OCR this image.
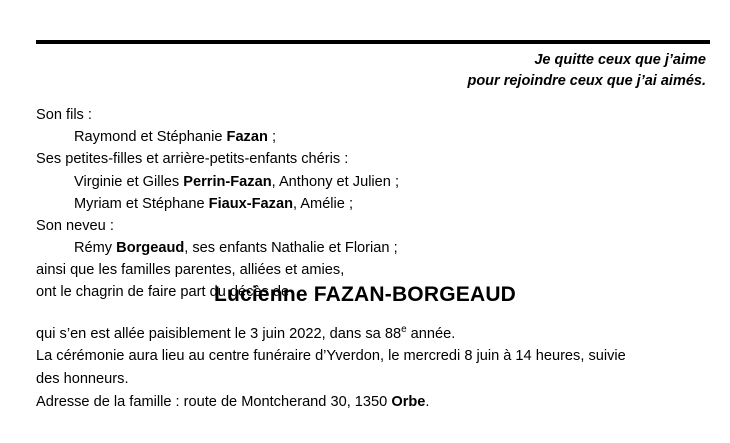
Je quitte ceux que j’aime
pour rejoindre ceux que j’ai aimés.
Son fils :
Raymond et Stéphanie Fazan ;
Ses petites-filles et arrière-petits-enfants chéris :
Virginie et Gilles Perrin-Fazan, Anthony et Julien ;
Myriam et Stéphane Fiaux-Fazan, Amélie ;
Son neveu :
Rémy Borgeaud, ses enfants Nathalie et Florian ;
ainsi que les familles parentes, alliées et amies,
ont le chagrin de faire part du décès de
Lucienne FAZAN-BORGEAUD
qui s’en est allée paisiblement le 3 juin 2022, dans sa 88e année.
La cérémonie aura lieu au centre funéraire d’Yverdon, le mercredi 8 juin à 14 heures, suivie
des honneurs.
Adresse de la famille : route de Montcherand 30, 1350 Orbe.
